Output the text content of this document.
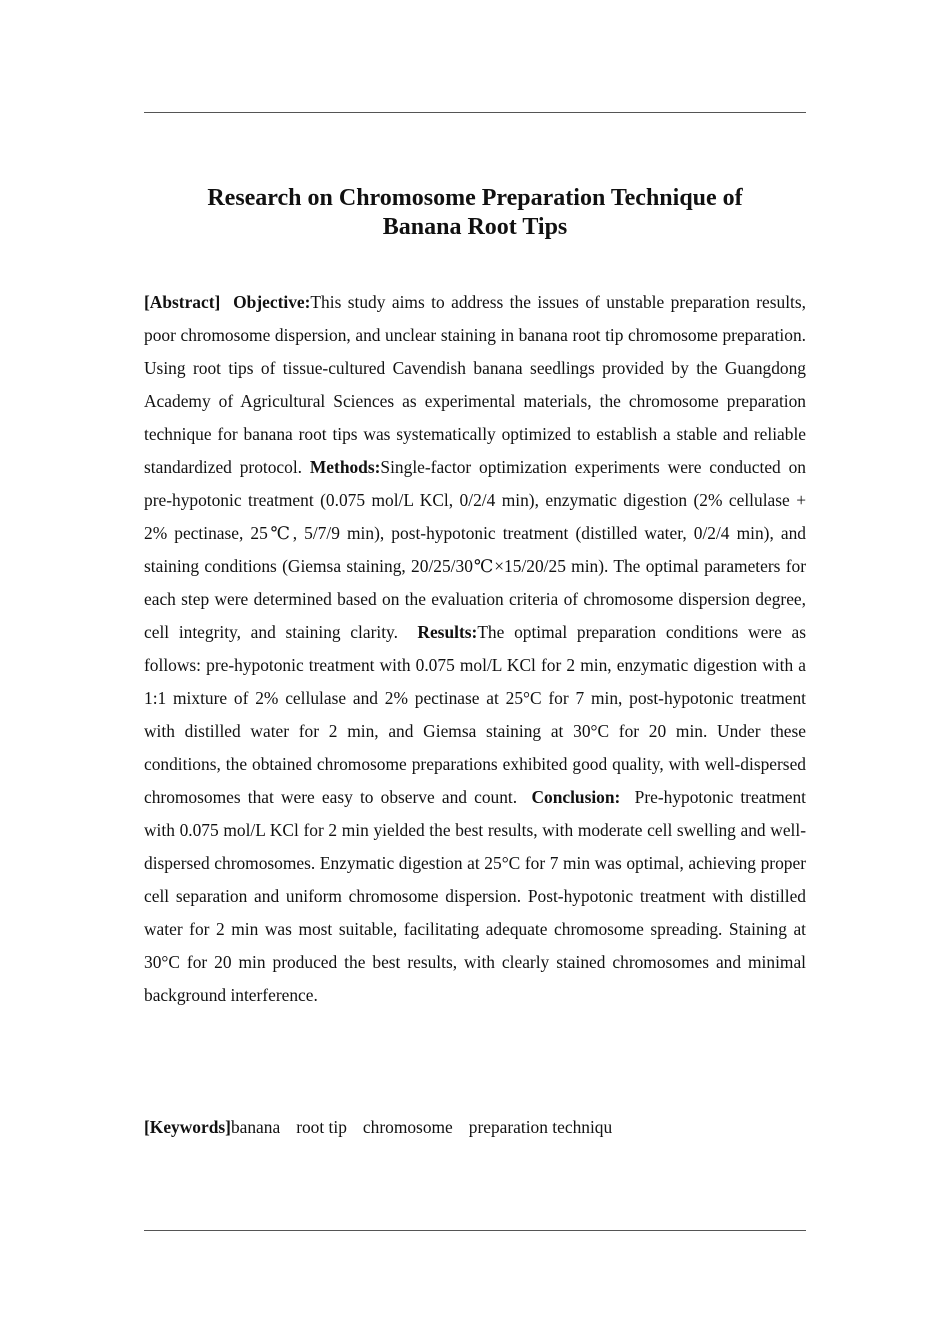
Research on Chromosome Preparation Technique of
Banana Root Tips

[Abstract] Objective:This study aims to address the issues of unstable preparation results, poor chromosome dispersion, and unclear staining in banana root tip chromosome preparation. Using root tips of tissue-cultured Cavendish banana seedlings provided by the Guangdong Academy of Agricultural Sciences as experimental materials, the chromosome preparation technique for banana root tips was systematically optimized to establish a stable and reliable standardized protocol. Methods:Single-factor optimization experiments were conducted on pre-hypotonic treatment (0.075 mol/L KCl, 0/2/4 min), enzymatic digestion (2% cellulase + 2% pectinase, 25℃, 5/7/9 min), post-hypotonic treatment (distilled water, 0/2/4 min), and staining conditions (Giemsa staining, 20/25/30℃×15/20/25 min). The optimal parameters for each step were determined based on the evaluation criteria of chromosome dispersion degree, cell integrity, and staining clarity. Results:The optimal preparation conditions were as follows: pre-hypotonic treatment with 0.075 mol/L KCl for 2 min, enzymatic digestion with a 1:1 mixture of 2% cellulase and 2% pectinase at 25°C for 7 min, post-hypotonic treatment with distilled water for 2 min, and Giemsa staining at 30°C for 20 min. Under these conditions, the obtained chromosome preparations exhibited good quality, with well-dispersed chromosomes that were easy to observe and count. Conclusion: Pre-hypotonic treatment with 0.075 mol/L KCl for 2 min yielded the best results, with moderate cell swelling and well-dispersed chromosomes. Enzymatic digestion at 25°C for 7 min was optimal, achieving proper cell separation and uniform chromosome dispersion. Post-hypotonic treatment with distilled water for 2 min was most suitable, facilitating adequate chromosome spreading. Staining at 30°C for 20 min produced the best results, with clearly stained chromosomes and minimal background interference.

[Keywords]banana root tip chromosome preparation techniqu
